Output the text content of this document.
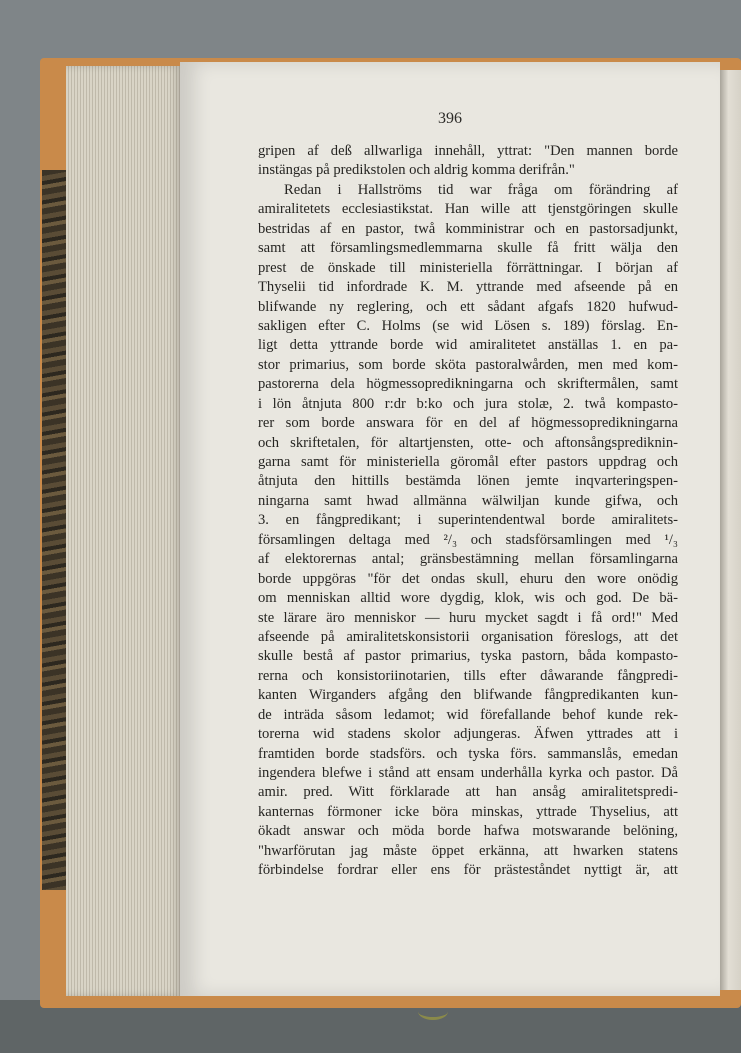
396
gripen af deß allwarliga innehåll, yttrat: "Den mannen borde
instängas på predikstolen och aldrig komma derifrån."
Redan i Hallströms tid war fråga om förändring af
amiralitetets ecclesiastikstat. Han wille att tjenstgöringen skulle
bestridas af en pastor, twå komministrar och en pastorsadjunkt,
samt att församlingsmedlemmarna skulle få fritt wälja den
prest de önskade till ministeriella förrättningar. I början af
Thyselii tid infordrade K. M. yttrande med afseende på en
blifwande ny reglering, och ett sådant afgafs 1820 hufwud-
sakligen efter C. Holms (se wid Lösen s. 189) förslag. En-
ligt detta yttrande borde wid amiralitetet anställas 1. en pa-
stor primarius, som borde sköta pastoralwården, men med kom-
pastorerna dela högmessopredikningarna och skriftermålen, samt
i lön åtnjuta 800 r:dr b:ko och jura stolæ, 2. twå kompasto-
rer som borde answara för en del af högmessopredikningarna
och skriftetalen, för altartjensten, otte- och aftonsångsprediknin-
garna samt för ministeriella göromål efter pastors uppdrag och
åtnjuta den hittills bestämda lönen jemte inqvarteringspen-
ningarna samt hwad allmänna wälwiljan kunde gifwa, och
3. en fångpredikant; i superintendentwal borde amiralitets-
församlingen deltaga med ²/₃ och stadsförsamlingen med ¹/₃
af elektorernas antal; gränsbestämning mellan församlingarna
borde uppgöras "för det ondas skull, ehuru den wore onödig
om menniskan alltid wore dygdig, klok, wis och god. De bä-
ste lärare äro menniskor — huru mycket sagdt i få ord!" Med
afseende på amiralitetskonsistorii organisation föreslogs, att det
skulle bestå af pastor primarius, tyska pastorn, båda kompasto-
rerna och konsistoriinotarien, tills efter dåwarande fångpredi-
kanten Wirganders afgång den blifwande fångpredikanten kun-
de inträda såsom ledamot; wid förefallande behof kunde rek-
torerna wid stadens skolor adjungeras. Äfwen yttrades att i
framtiden borde stadsförs. och tyska förs. sammanslås, emedan
ingendera blefwe i stånd att ensam underhålla kyrka och pastor. Då
amir. pred. Witt förklarade att han ansåg amiralitetspredi-
kanternas förmoner icke böra minskas, yttrade Thyselius, att
ökadt answar och möda borde hafwa motswarande belöning,
"hwarförutan jag måste öppet erkänna, att hwarken statens
förbindelse fordrar eller ens för prästeståndet nyttigt är, att
